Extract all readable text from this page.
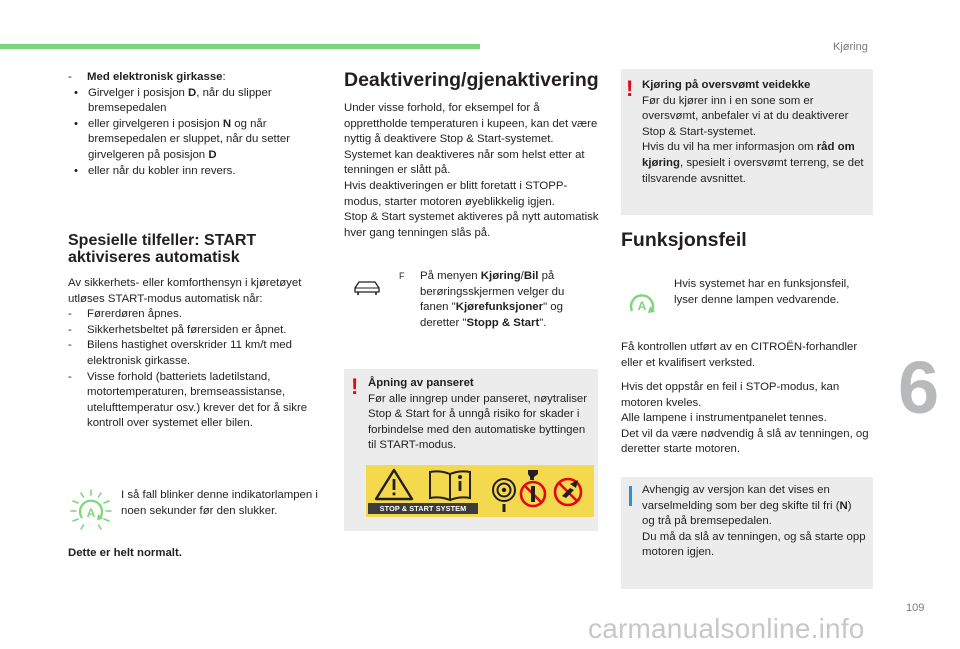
Kjøring
6
109
carmanualsonline.info
- Med elektronisk girkasse:
• Girvelger i posisjon D, når du slipper bremsepedalen
• eller girvelgeren i posisjon N og når bremsepedalen er sluppet, når du setter girvelgeren på posisjon D
• eller når du kobler inn revers.
Spesielle tilfeller: START aktiviseres automatisk

Av sikkerhets- eller komforthensyn i kjøretøyet utløses START-modus automatisk når:

- Førerdøren åpnes.
- Sikkerhetsbeltet på førersiden er åpnet.
- Bilens hastighet overskrider 11 km/t med elektronisk girkasse.
- Visse forhold (batteriets ladetilstand, motortemperaturen, bremseassistanse, utelufttemperatur osv.) krever det for å sikre kontroll over systemet eller bilen.
A

I så fall blinker denne indikatorlampen i noen sekunder før den slukker.

Dette er helt normalt.

Deaktivering/gjenaktivering

Under visse forhold, for eksempel for å opprettholde temperaturen i kupeen, kan det være nyttig å deaktivere Stop & Start-systemet. Systemet kan deaktiveres når som helst etter at tenningen er slått på.
Hvis deaktiveringen er blitt foretatt i STOPP-modus, starter motoren øyeblikkelig igjen.
Stop & Start systemet aktiveres på nytt automatisk hver gang tenningen slås på.

F	På menyen Kjøring/Bil på berøringsskjermen velger du fanen "Kjørefunksjoner" og deretter "Stopp & Start".

! Åpning av panseret

Før alle inngrep under panseret, nøytraliser Stop & Start for å unngå risiko for skader i forbindelse med den automatiske byttingen til START-modus.

STOP & START SYSTEM
! Kjøring på oversvømt veidekke

Før du kjører inn i en sone som er oversvømt, anbefaler vi at du deaktiverer Stop & Start-systemet.

Hvis du vil ha mer informasjon om råd om kjøring, spesielt i oversvømt terreng, se det tilsvarende avsnittet.

Funksjonsfeil
A

Hvis systemet har en funksjonsfeil, lyser denne lampen vedvarende.

Få kontrollen utført av en CITROËN-forhandler eller et kvalifisert verksted.

Hvis det oppstår en feil i STOP-modus, kan motoren kveles.
Alle lampene i instrumentpanelet tennes.
Det vil da være nødvendig å slå av tenningen, og deretter starte motoren.

Avhengig av versjon kan det vises en varselmelding som ber deg skifte til fri (N) og trå på bremsepedalen.
Du må da slå av tenningen, og så starte opp motoren igjen.
